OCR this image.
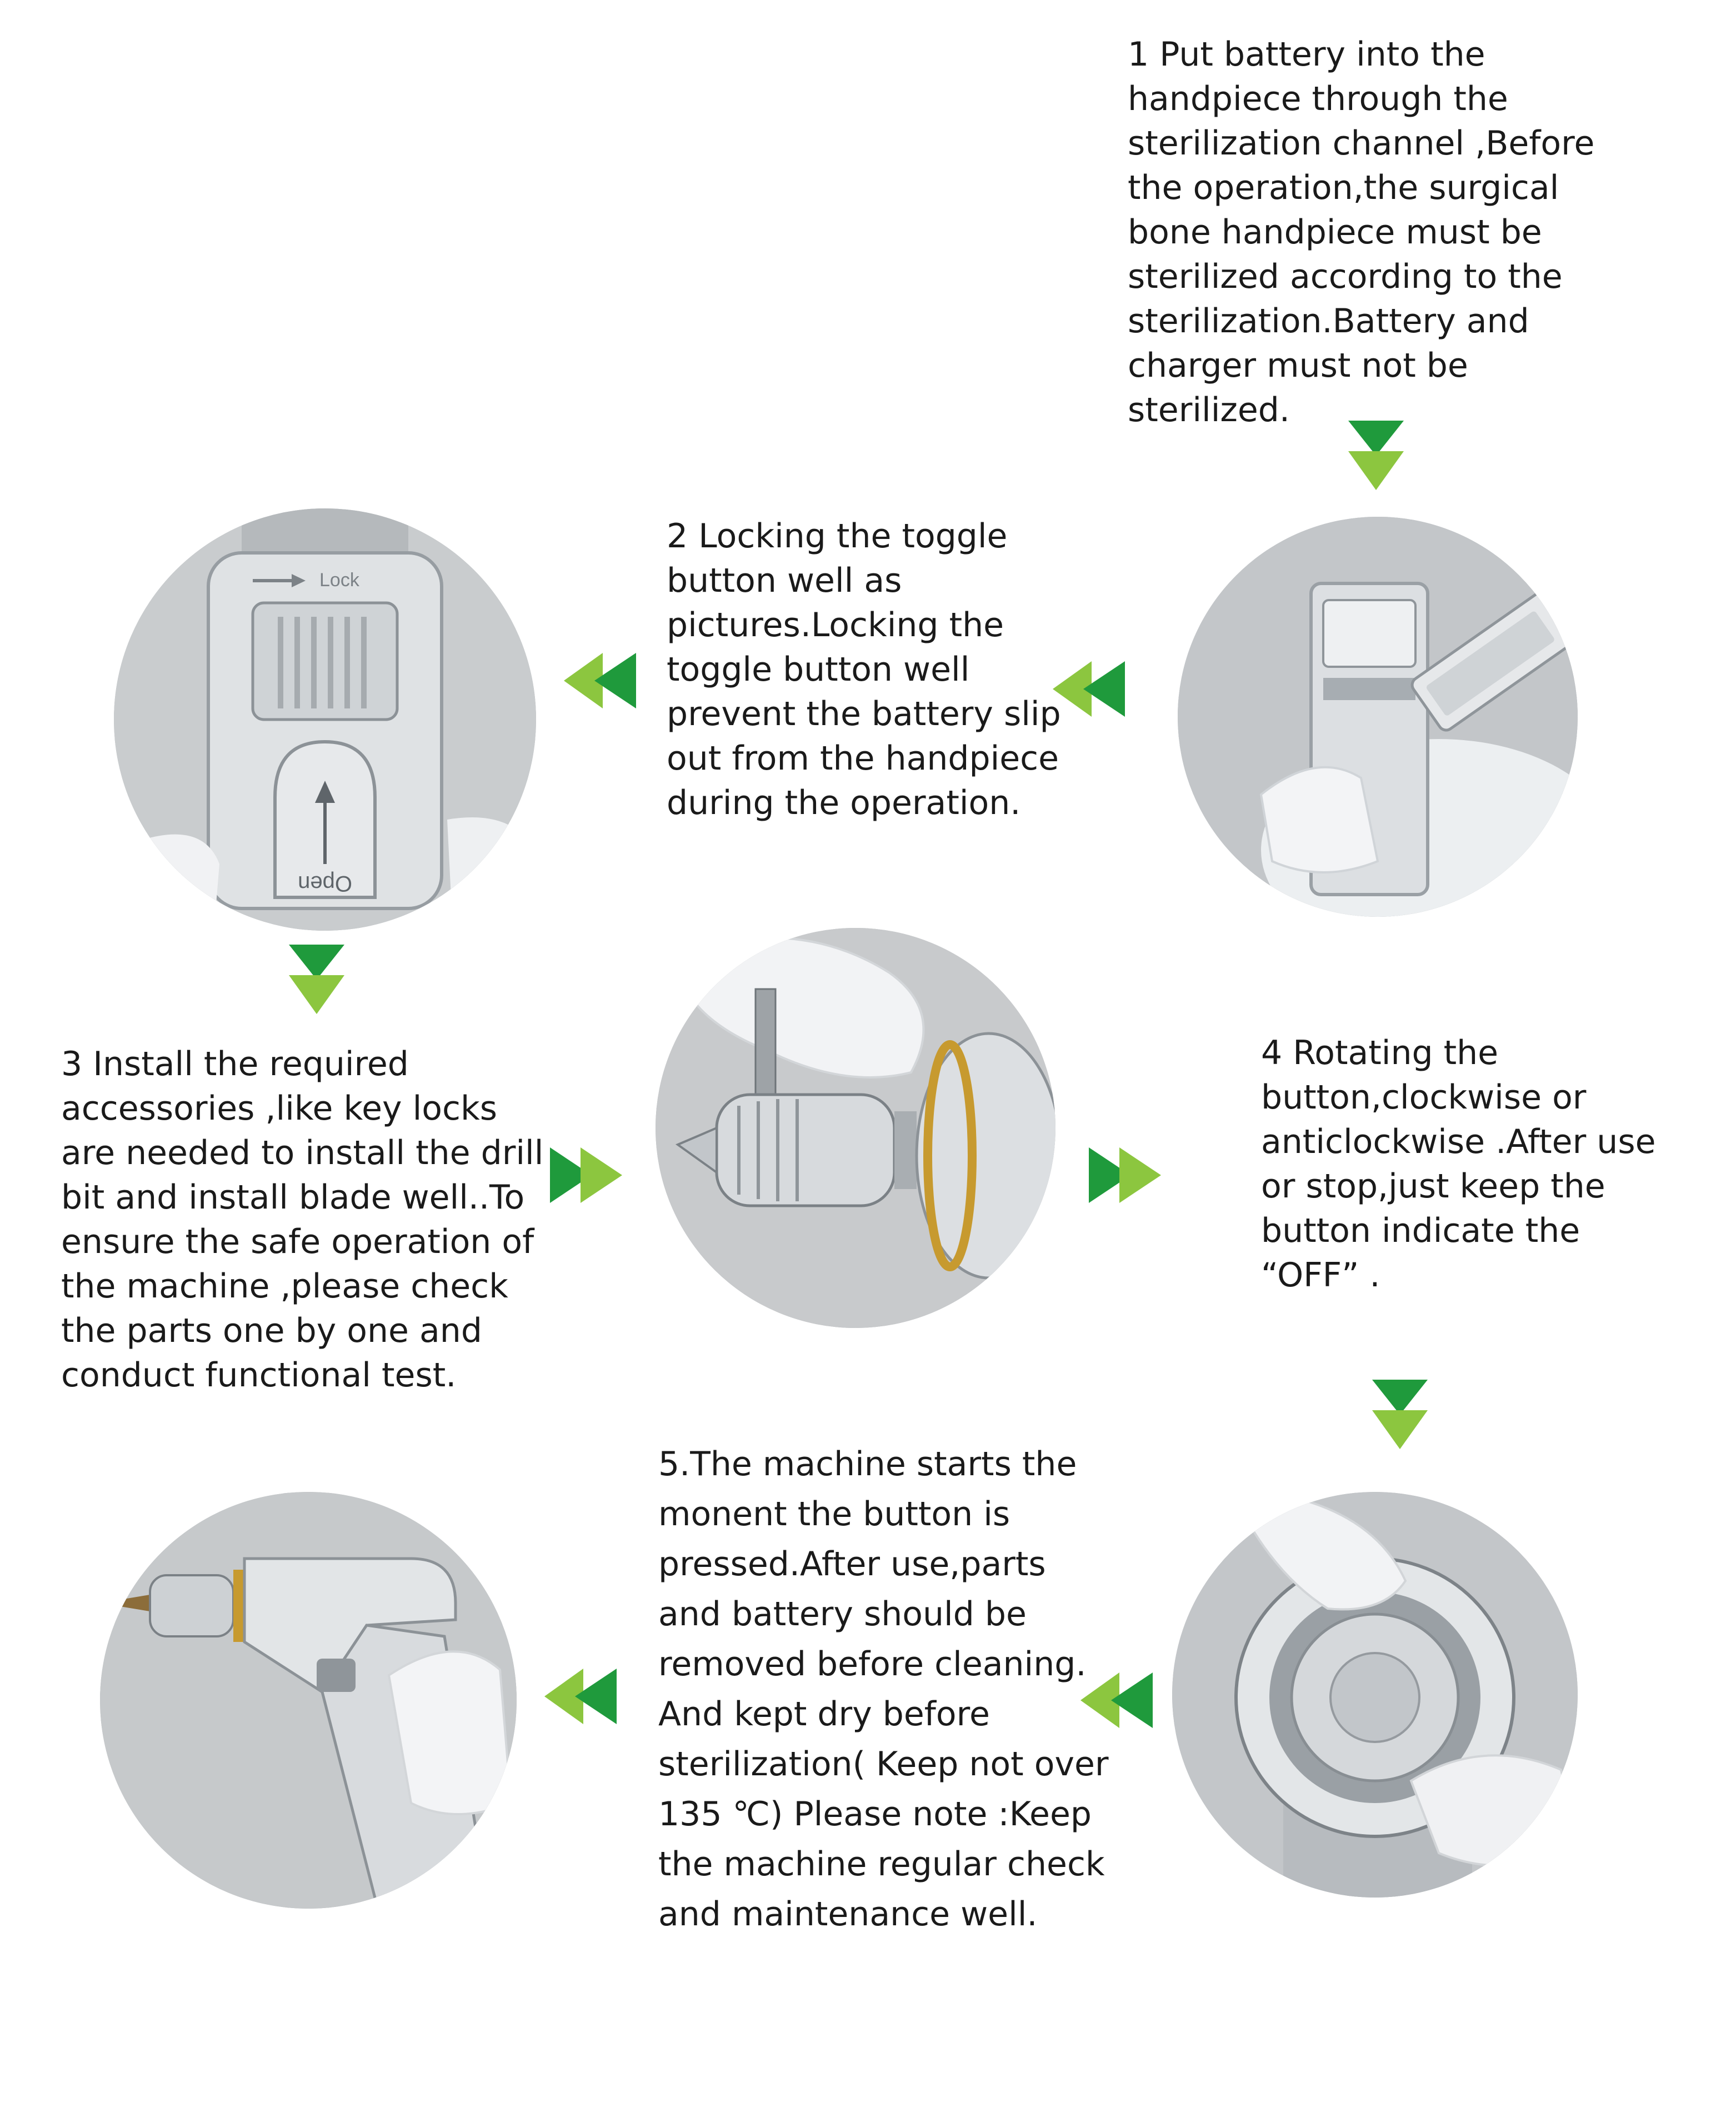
1 Put battery into the
handpiece through the
sterilization channel ,Before
the operation,the surgical
bone handpiece must be
sterilized according to the
sterilization.Battery and
charger must not be
sterilized.

2 Locking the toggle
button well as
pictures.Locking the
toggle button well
prevent the battery slip
out from the handpiece
during the operation.

3 Install the required
accessories ,like key locks
are needed to install the drill
bit and install blade well..To
ensure the safe operation of
the machine ,please check
the parts one by one and
conduct functional test.

4 Rotating the
button,clockwise or
anticlockwise .After use
or stop,just keep the
button indicate the
“OFF” .

5.The machine starts the
monent the button is
pressed.After use,parts
and battery should be
removed before cleaning.
And kept dry before
sterilization( Keep not over
135 ℃) Please note :Keep
the machine regular check
and maintenance well.

Lock
Open
